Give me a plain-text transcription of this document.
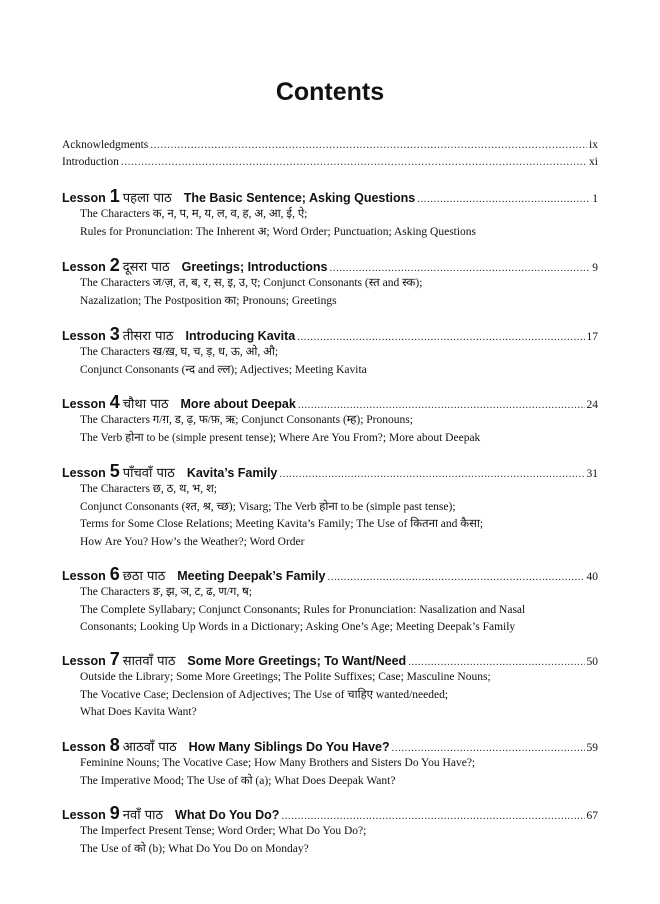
Contents
Acknowledgments .....	ix
Introduction .....	xi
Lesson 1 पहला पाठ The Basic Sentence; Asking Questions .....	1
The Characters क, न, प, म, य, ल, व, ह, अ, आ, ई, ऐ;
Rules for Pronunciation: The Inherent अ; Word Order; Punctuation; Asking Questions
Lesson 2 दूसरा पाठ Greetings; Introductions .....	9
The Characters ज/ज़, त, ब, र, स, इ, उ, ए; Conjunct Consonants (स्त and स्क);
Nazalization; The Postposition का; Pronouns; Greetings
Lesson 3 तीसरा पाठ Introducing Kavita .....	17
The Characters ख/ख़, घ, च, ड़, ध, ऊ, ओ, औ;
Conjunct Consonants (न्द and ल्ल); Adjectives; Meeting Kavita
Lesson 4 चौथा पाठ More about Deepak .....	24
The Characters ग/ग़, ड, ढ़, फ/फ़, ऋ; Conjunct Consonants (म्ह); Pronouns;
The Verb होना to be (simple present tense); Where Are You From?; More about Deepak
Lesson 5 पाँचवाँ पाठ Kavita’s Family .....	31
The Characters छ, ठ, थ, भ, श;
Conjunct Consonants (श्त, श्र, च्छ); Visarg; The Verb होना to be (simple past tense);
Terms for Some Close Relations; Meeting Kavita’s Family; The Use of कितना and कैसा;
How Are You? How’s the Weather?; Word Order
Lesson 6 छठा पाठ Meeting Deepak’s Family .....	40
The Characters ङ, झ, ञ, ट, ढ, ण/ग, ष;
The Complete Syllabary; Conjunct Consonants; Rules for Pronunciation: Nasalization and Nasal
Consonants; Looking Up Words in a Dictionary; Asking One’s Age; Meeting Deepak’s Family
Lesson 7 सातवाँ पाठ Some More Greetings; To Want/Need .....	50
Outside the Library; Some More Greetings; The Polite Suffixes; Case; Masculine Nouns;
The Vocative Case; Declension of Adjectives; The Use of चाहिए wanted/needed;
What Does Kavita Want?
Lesson 8 आठवाँ पाठ How Many Siblings Do You Have? .....	59
Feminine Nouns; The Vocative Case; How Many Brothers and Sisters Do You Have?;
The Imperative Mood; The Use of को (a); What Does Deepak Want?
Lesson 9 नवाँ पाठ What Do You Do? .....	67
The Imperfect Present Tense; Word Order; What Do You Do?;
The Use of को (b); What Do You Do on Monday?
